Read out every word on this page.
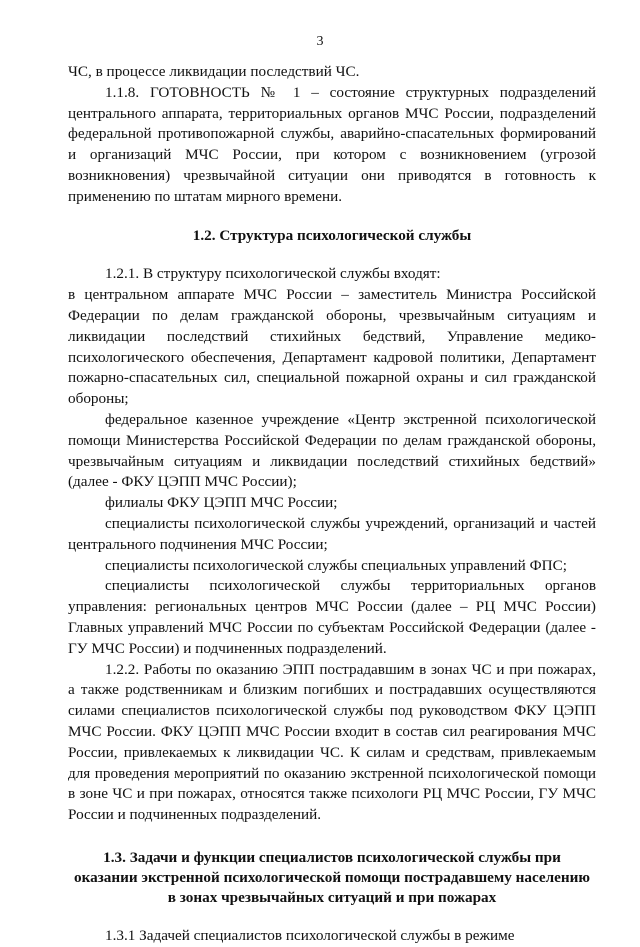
3

ЧС, в процессе ликвидации последствий ЧС.

1.1.8. ГОТОВНОСТЬ № 1 – состояние структурных подразделений центрального аппарата, территориальных органов МЧС России, подразделений федеральной противопожарной службы, аварийно-спасательных формирований и организаций МЧС России, при котором с возникновением (угрозой возникновения) чрезвычайной ситуации они приводятся в готовность к применению по штатам мирного времени.

1.2. Структура психологической службы

1.2.1. В структуру психологической службы входят:

в центральном аппарате МЧС России – заместитель Министра Российской Федерации по делам гражданской обороны, чрезвычайным ситуациям и ликвидации последствий стихийных бедствий, Управление медико-психологического обеспечения, Департамент кадровой политики, Департамент пожарно-спасательных сил, специальной пожарной охраны и сил гражданской обороны;

федеральное казенное учреждение «Центр экстренной психологической помощи Министерства Российской Федерации по делам гражданской обороны, чрезвычайным ситуациям и ликвидации последствий стихийных бедствий» (далее - ФКУ ЦЭПП МЧС России);

филиалы ФКУ ЦЭПП МЧС России;

специалисты психологической службы учреждений, организаций и частей центрального подчинения МЧС России;

специалисты психологической службы специальных управлений ФПС;

специалисты психологической службы территориальных органов управления: региональных центров МЧС России (далее – РЦ МЧС России) Главных управлений МЧС России по субъектам Российской Федерации (далее - ГУ МЧС России) и подчиненных подразделений.

1.2.2. Работы по оказанию ЭПП пострадавшим в зонах ЧС и при пожарах, а также родственникам и близким погибших и пострадавших осуществляются силами специалистов психологической службы под руководством ФКУ ЦЭПП МЧС России. ФКУ ЦЭПП МЧС России входит в состав сил реагирования МЧС России, привлекаемых к ликвидации ЧС. К силам и средствам, привлекаемым для проведения мероприятий по оказанию экстренной психологической помощи в зоне ЧС и при пожарах, относятся также психологи РЦ МЧС России, ГУ МЧС России и подчиненных подразделений.

1.3. Задачи и функции специалистов психологической службы при
оказании экстренной психологической помощи пострадавшему населению
в зонах чрезвычайных ситуаций и при пожарах

1.3.1 Задачей специалистов психологической службы в режиме
